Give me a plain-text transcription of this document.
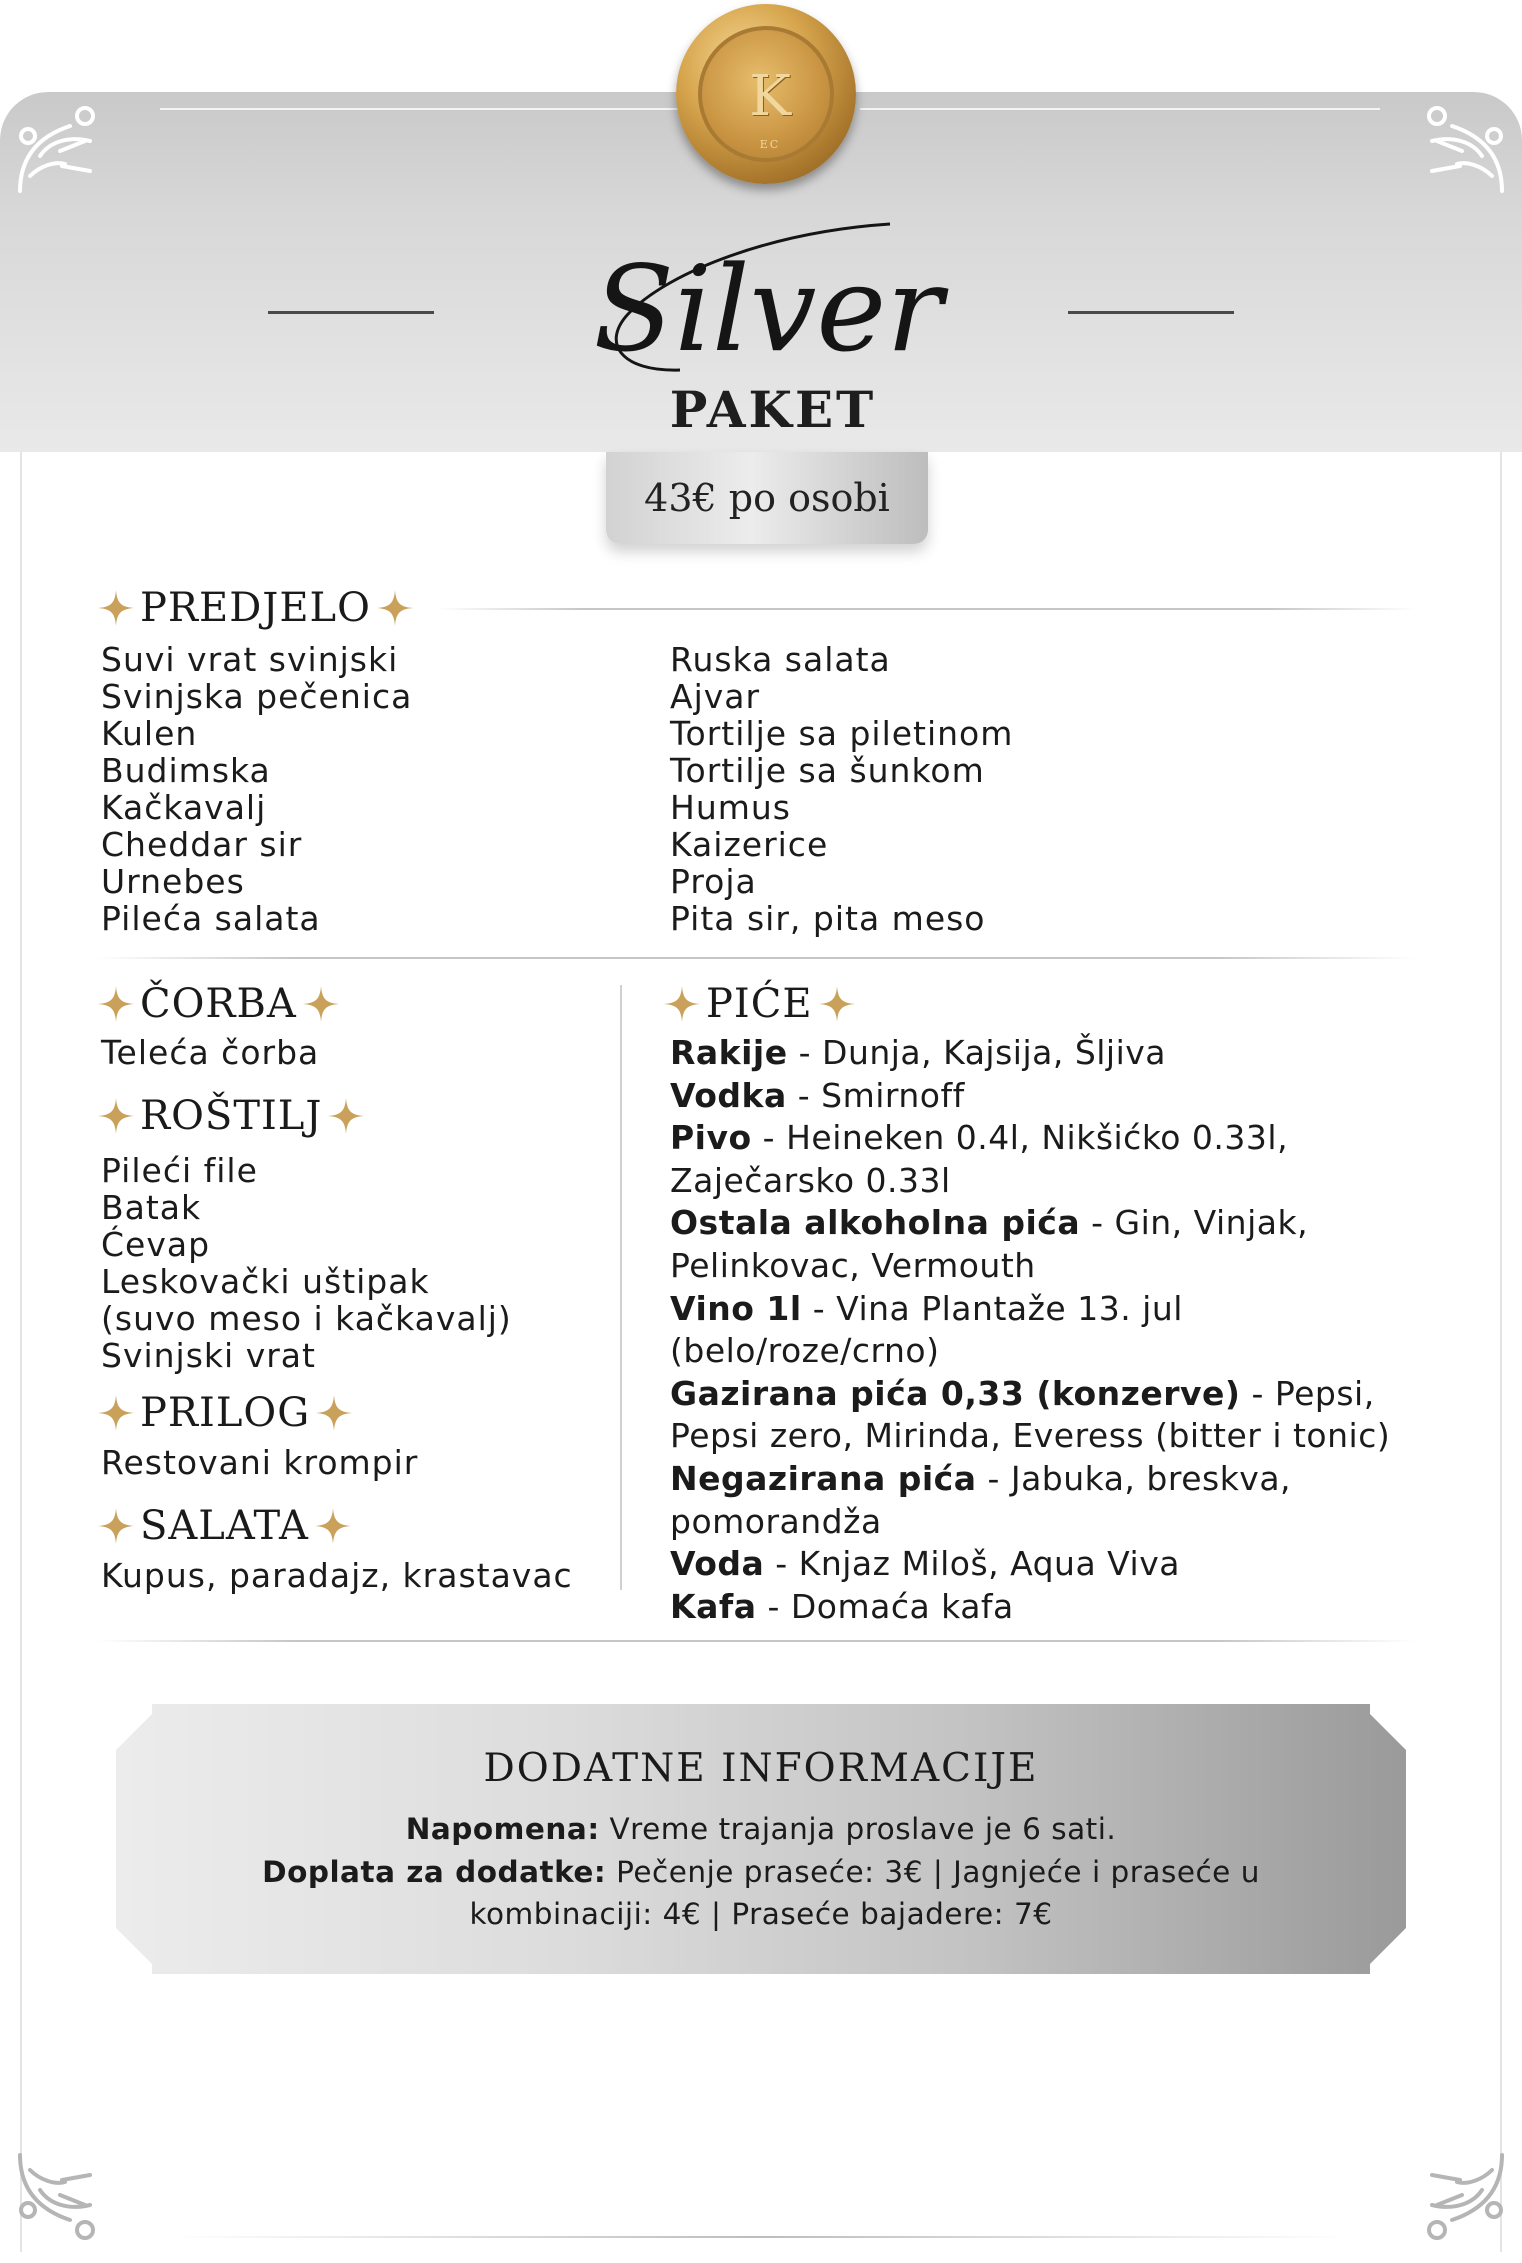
K
EC
Silver
PAKET
43€ po osobi
PREDJELO
Suvi vrat svinjski
Svinjska pečenica
Kulen
Budimska
Kačkavalj
Cheddar sir
Urnebes
Pileća salata
Ruska salata
Ajvar
Tortilje sa piletinom
Tortilje sa šunkom
Humus
Kaizerice
Proja
Pita sir, pita meso
ČORBA
Teleća čorba
ROŠTILJ
Pileći file
Batak
Ćevap
Leskovački uštipak
(suvo meso i kačkavalj)
Svinjski vrat
PRILOG
Restovani krompir
SALATA
Kupus, paradajz, krastavac
PIĆE
Rakije - Dunja, Kajsija, Šljiva
Vodka - Smirnoff
Pivo - Heineken 0.4l, Nikšićko 0.33l,
Zaječarsko 0.33l
Ostala alkoholna pića - Gin, Vinjak,
Pelinkovac, Vermouth
Vino 1l - Vina Plantaže 13. jul (belo/roze/crno)
Gazirana pića 0,33 (konzerve) - Pepsi,
Pepsi zero, Mirinda, Everess (bitter i tonic)
Negazirana pića - Jabuka, breskva,
pomorandža
Voda - Knjaz Miloš, Aqua Viva
Kafa - Domaća kafa
DODATNE INFORMACIJE
Napomena: Vreme trajanja proslave je 6 sati.
Doplata za dodatke: Pečenje praseće: 3€ | Jagnjeće i praseće u kombinaciji: 4€ | Praseće bajadere: 7€
